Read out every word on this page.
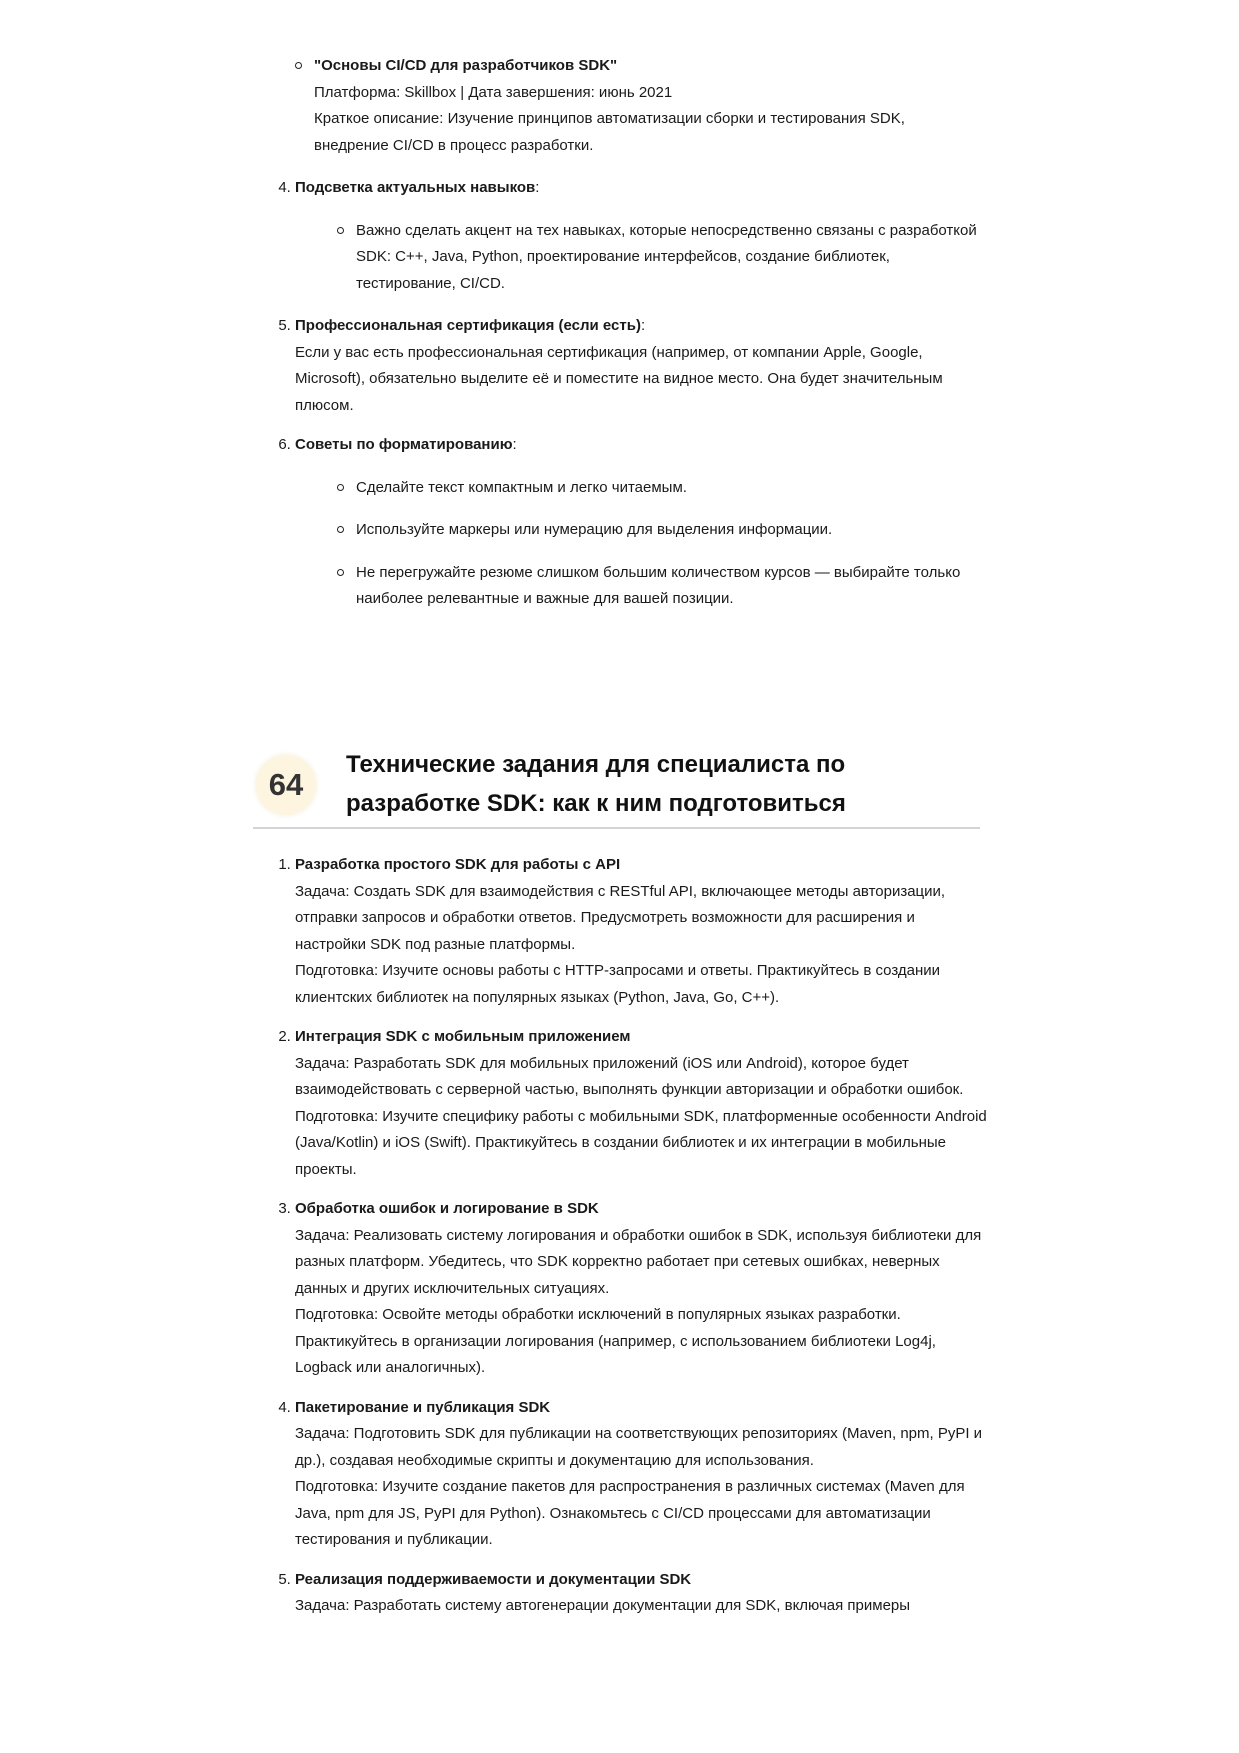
"Основы CI/CD для разработчиков SDK"
Платформа: Skillbox | Дата завершения: июнь 2021
Краткое описание: Изучение принципов автоматизации сборки и тестирования SDK, внедрение CI/CD в процесс разработки.
4. Подсветка актуальных навыков:
Важно сделать акцент на тех навыках, которые непосредственно связаны с разработкой SDK: C++, Java, Python, проектирование интерфейсов, создание библиотек, тестирование, CI/CD.
5. Профессиональная сертификация (если есть):
Если у вас есть профессиональная сертификация (например, от компании Apple, Google, Microsoft), обязательно выделите её и поместите на видное место. Она будет значительным плюсом.
6. Советы по форматированию:
Сделайте текст компактным и легко читаемым.
Используйте маркеры или нумерацию для выделения информации.
Не перегружайте резюме слишком большим количеством курсов — выбирайте только наиболее релевантные и важные для вашей позиции.
64
Технические задания для специалиста по разработке SDK: как к ним подготовиться
1. Разработка простого SDK для работы с API
Задача: Создать SDK для взаимодействия с RESTful API, включающее методы авторизации, отправки запросов и обработки ответов. Предусмотреть возможности для расширения и настройки SDK под разные платформы.
Подготовка: Изучите основы работы с HTTP-запросами и ответы. Практикуйтесь в создании клиентских библиотек на популярных языках (Python, Java, Go, C++).
2. Интеграция SDK с мобильным приложением
Задача: Разработать SDK для мобильных приложений (iOS или Android), которое будет взаимодействовать с серверной частью, выполнять функции авторизации и обработки ошибок.
Подготовка: Изучите специфику работы с мобильными SDK, платформенные особенности Android (Java/Kotlin) и iOS (Swift). Практикуйтесь в создании библиотек и их интеграции в мобильные проекты.
3. Обработка ошибок и логирование в SDK
Задача: Реализовать систему логирования и обработки ошибок в SDK, используя библиотеки для разных платформ. Убедитесь, что SDK корректно работает при сетевых ошибках, неверных данных и других исключительных ситуациях.
Подготовка: Освойте методы обработки исключений в популярных языках разработки. Практикуйтесь в организации логирования (например, с использованием библиотеки Log4j, Logback или аналогичных).
4. Пакетирование и публикация SDK
Задача: Подготовить SDK для публикации на соответствующих репозиториях (Maven, npm, PyPI и др.), создавая необходимые скрипты и документацию для использования.
Подготовка: Изучите создание пакетов для распространения в различных системах (Maven для Java, npm для JS, PyPI для Python). Ознакомьтесь с CI/CD процессами для автоматизации тестирования и публикации.
5. Реализация поддерживаемости и документации SDK
Задача: Разработать систему автогенерации документации для SDK, включая примеры
